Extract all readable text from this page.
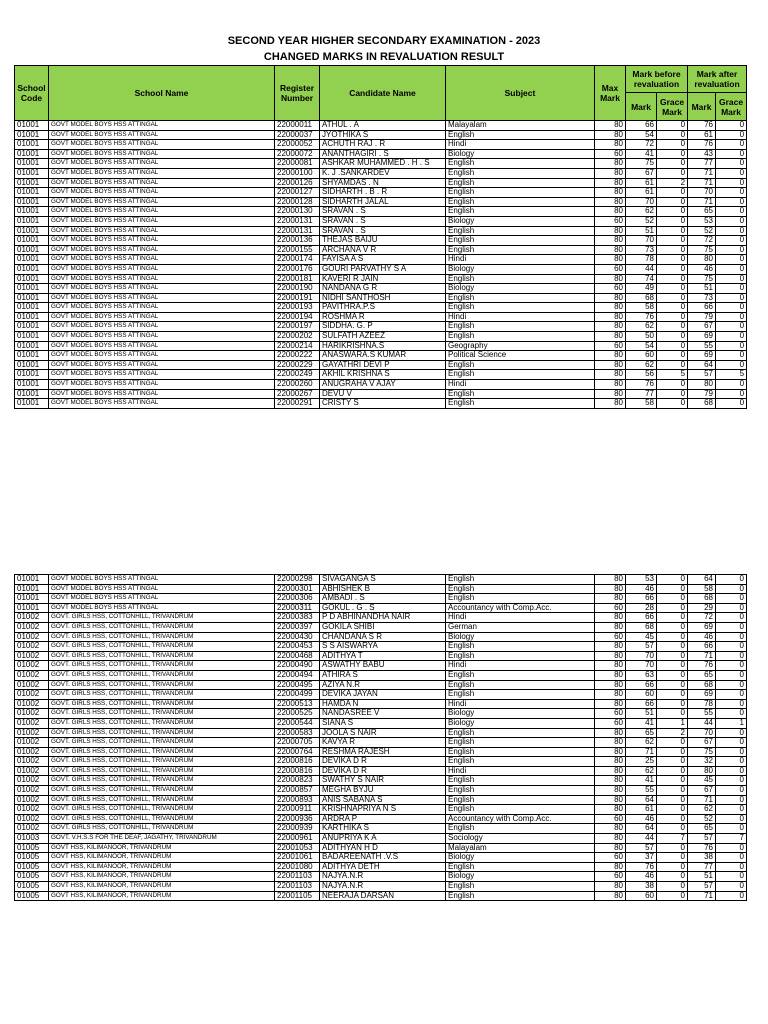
SECOND YEAR HIGHER SECONDARY EXAMINATION - 2023
CHANGED MARKS IN REVALUATION RESULT
School Code	School Name	Register Number	Candidate Name	Subject	Max Mark	Mark before revaluation		Mark after revaluation	
						Mark	Grace Mark	Mark	Grace Mark
01001	GOVT MODEL BOYS HSS ATTINGAL	22000011	ATHUL . A	Malayalam	80	66	0	76	0
01001	GOVT MODEL BOYS HSS ATTINGAL	22000037	JYOTHIKA S	English	80	54	0	61	0
01001	GOVT MODEL BOYS HSS ATTINGAL	22000052	ACHUTH RAJ . R	Hindi	80	72	0	76	0
01001	GOVT MODEL BOYS HSS ATTINGAL	22000072	ANANTHAGIRI . S	Biology	60	41	0	43	0
01001	GOVT MODEL BOYS HSS ATTINGAL	22000081	ASHKAR MUHAMMED . H . S	English	80	75	0	77	0
01001	GOVT MODEL BOYS HSS ATTINGAL	22000100	K. J .SANKARDEV	English	80	67	0	71	0
01001	GOVT MODEL BOYS HSS ATTINGAL	22000126	SHYAMDAS . N	English	80	61	2	71	0
01001	GOVT MODEL BOYS HSS ATTINGAL	22000127	SIDHARTH . B . R	English	80	61	0	70	0
01001	GOVT MODEL BOYS HSS ATTINGAL	22000128	SIDHARTH JALAL	English	80	70	0	71	0
01001	GOVT MODEL BOYS HSS ATTINGAL	22000130	SRAVAN . S	English	80	62	0	65	0
01001	GOVT MODEL BOYS HSS ATTINGAL	22000131	SRAVAN . S	Biology	60	52	0	53	0
01001	GOVT MODEL BOYS HSS ATTINGAL	22000131	SRAVAN . S	English	80	51	0	52	0
01001	GOVT MODEL BOYS HSS ATTINGAL	22000136	THEJAS BAIJU	English	80	70	0	72	0
01001	GOVT MODEL BOYS HSS ATTINGAL	22000155	ARCHANA V R	English	80	73	0	75	0
01001	GOVT MODEL BOYS HSS ATTINGAL	22000174	FAYISA A S	Hindi	80	78	0	80	0
01001	GOVT MODEL BOYS HSS ATTINGAL	22000176	GOURI PARVATHY S A	Biology	60	44	0	46	0
01001	GOVT MODEL BOYS HSS ATTINGAL	22000181	KAVERI R JAIN	English	80	74	0	75	0
01001	GOVT MODEL BOYS HSS ATTINGAL	22000190	NANDANA G R	Biology	60	49	0	51	0
01001	GOVT MODEL BOYS HSS ATTINGAL	22000191	NIDHI SANTHOSH	English	80	68	0	73	0
01001	GOVT MODEL BOYS HSS ATTINGAL	22000193	PAVITHRA.P.S	English	80	58	0	66	0
01001	GOVT MODEL BOYS HSS ATTINGAL	22000194	ROSHMA R	Hindi	80	76	0	79	0
01001	GOVT MODEL BOYS HSS ATTINGAL	22000197	SIDDHA. G. P	English	80	62	0	67	0
01001	GOVT MODEL BOYS HSS ATTINGAL	22000202	SULFATH AZEEZ	English	80	50	0	69	0
01001	GOVT MODEL BOYS HSS ATTINGAL	22000214	HARIKRISHNA.S	Geography	60	54	0	55	0
01001	GOVT MODEL BOYS HSS ATTINGAL	22000222	ANASWARA.S KUMAR	Political Science	80	60	0	69	0
01001	GOVT MODEL BOYS HSS ATTINGAL	22000229	GAYATHRI DEVI P	English	80	62	0	64	0
01001	GOVT MODEL BOYS HSS ATTINGAL	22000249	AKHIL KRISHNA S	English	80	56	5	57	5
01001	GOVT MODEL BOYS HSS ATTINGAL	22000260	ANUGRAHA V AJAY	Hindi	80	76	0	80	0
01001	GOVT MODEL BOYS HSS ATTINGAL	22000267	DEVU V	English	80	77	0	79	0
01001	GOVT MODEL BOYS HSS ATTINGAL	22000291	CRISTY S	English	80	58	0	68	0
01001	GOVT MODEL BOYS HSS ATTINGAL	22000298	SIVAGANGA S	English	80	53	0	64	0
01001	GOVT MODEL BOYS HSS ATTINGAL	22000301	ABHISHEK B	English	80	46	0	58	0
01001	GOVT MODEL BOYS HSS ATTINGAL	22000306	AMBADI . S	English	80	66	0	68	0
01001	GOVT MODEL BOYS HSS ATTINGAL	22000311	GOKUL . G . S	Accountancy with Comp.Acc.	60	28	0	29	0
01002	GOVT. GIRLS HSS, COTTONHILL, TRIVANDRUM	22000383	P D ABHINANDHA NAIR	Hindi	80	66	0	72	0
01002	GOVT. GIRLS HSS, COTTONHILL, TRIVANDRUM	22000397	GOKILA SHIBI	German	80	68	0	69	0
01002	GOVT. GIRLS HSS, COTTONHILL, TRIVANDRUM	22000430	CHANDANA S R	Biology	60	45	0	46	0
01002	GOVT. GIRLS HSS, COTTONHILL, TRIVANDRUM	22000453	S S AISWARYA	English	80	57	0	66	0
01002	GOVT. GIRLS HSS, COTTONHILL, TRIVANDRUM	22000468	ADITHYA T	English	80	70	0	71	0
01002	GOVT. GIRLS HSS, COTTONHILL, TRIVANDRUM	22000490	ASWATHY BABU	Hindi	80	70	0	76	0
01002	GOVT. GIRLS HSS, COTTONHILL, TRIVANDRUM	22000494	ATHIRA S	English	80	63	0	65	0
01002	GOVT. GIRLS HSS, COTTONHILL, TRIVANDRUM	22000495	AZIYA N.R	English	80	66	0	68	0
01002	GOVT. GIRLS HSS, COTTONHILL, TRIVANDRUM	22000499	DEVIKA JAYAN	English	80	60	0	69	0
01002	GOVT. GIRLS HSS, COTTONHILL, TRIVANDRUM	22000513	HAMDA N	Hindi	80	66	0	78	0
01002	GOVT. GIRLS HSS, COTTONHILL, TRIVANDRUM	22000525	NANDASREE V	Biology	60	51	0	55	0
01002	GOVT. GIRLS HSS, COTTONHILL, TRIVANDRUM	22000544	SIANA S	Biology	60	41	1	44	1
01002	GOVT. GIRLS HSS, COTTONHILL, TRIVANDRUM	22000583	JOOLA S NAIR	English	80	65	2	70	0
01002	GOVT. GIRLS HSS, COTTONHILL, TRIVANDRUM	22000705	KAVYA R	English	80	62	0	67	0
01002	GOVT. GIRLS HSS, COTTONHILL, TRIVANDRUM	22000764	RESHMA RAJESH	English	80	71	0	75	0
01002	GOVT. GIRLS HSS, COTTONHILL, TRIVANDRUM	22000816	DEVIKA D R	English	80	25	0	32	0
01002	GOVT. GIRLS HSS, COTTONHILL, TRIVANDRUM	22000816	DEVIKA D R	Hindi	80	62	0	80	0
01002	GOVT. GIRLS HSS, COTTONHILL, TRIVANDRUM	22000823	SWATHY S NAIR	English	80	41	0	45	0
01002	GOVT. GIRLS HSS, COTTONHILL, TRIVANDRUM	22000857	MEGHA BYJU	English	80	55	0	67	0
01002	GOVT. GIRLS HSS, COTTONHILL, TRIVANDRUM	22000893	ANIS SABANA S	English	80	64	0	71	0
01002	GOVT. GIRLS HSS, COTTONHILL, TRIVANDRUM	22000911	KRISHNAPRIYA N S	English	80	61	0	62	0
01002	GOVT. GIRLS HSS, COTTONHILL, TRIVANDRUM	22000936	ARDRA P	Accountancy with Comp.Acc.	60	46	0	52	0
01002	GOVT. GIRLS HSS, COTTONHILL, TRIVANDRUM	22000939	KARTHIKA S	English	80	64	0	65	0
01003	GOVT. V.H.S.S FOR THE DEAF, JAGATHY, TRIVANDRUM	22000961	ANUPRIYA K A	Sociology	80	44	7	57	7
01005	GOVT HSS, KILIMANOOR, TRIVANDRUM	22001053	ADITHYAN H D	Malayalam	80	57	0	76	0
01005	GOVT HSS, KILIMANOOR, TRIVANDRUM	22001061	BADAREENATH .V.S	Biology	60	37	0	38	0
01005	GOVT HSS, KILIMANOOR, TRIVANDRUM	22001080	ADITHYA DETH	English	80	76	0	77	0
01005	GOVT HSS, KILIMANOOR, TRIVANDRUM	22001103	NAJYA.N.R	Biology	60	46	0	51	0
01005	GOVT HSS, KILIMANOOR, TRIVANDRUM	22001103	NAJYA.N.R	English	80	38	0	57	0
01005	GOVT HSS, KILIMANOOR, TRIVANDRUM	22001105	NEERAJA DARSAN	English	80	60	0	71	0
